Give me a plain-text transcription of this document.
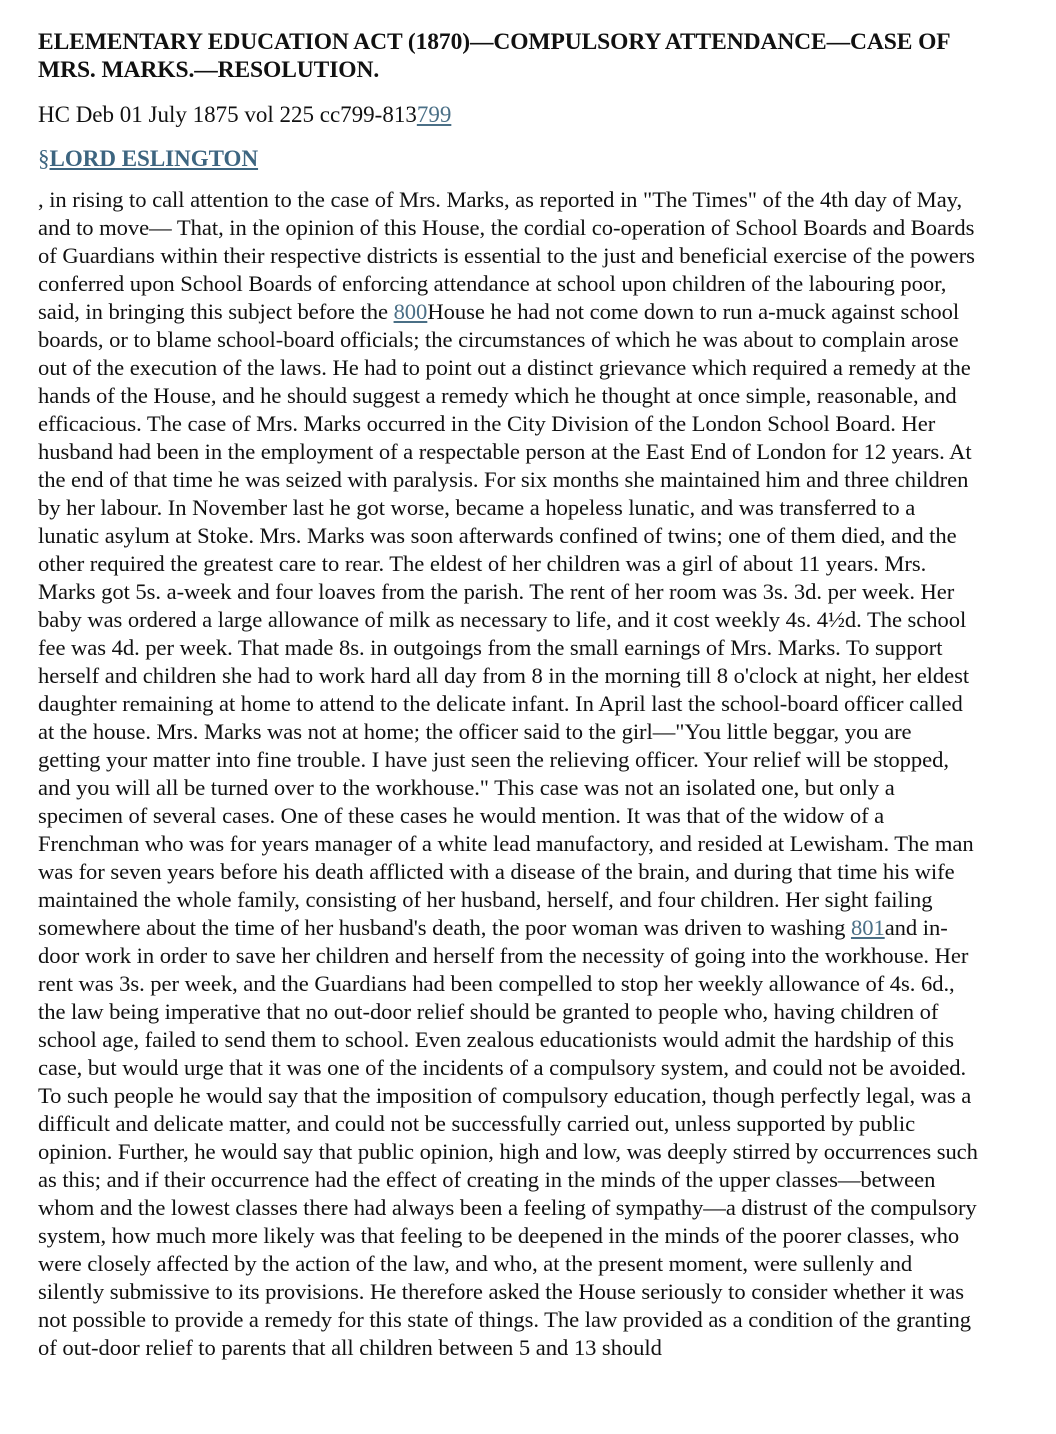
ELEMENTARY EDUCATION ACT (1870)—COMPULSORY ATTENDANCE—CASE OF MRS. MARKS.—RESOLUTION.

HC Deb 01 July 1875 vol 225 cc799-813799

§LORD ESLINGTON

, in rising to call attention to the case of Mrs. Marks, as reported in "The Times" of the 4th day of May, and to move— That, in the opinion of this House, the cordial co-operation of School Boards and Boards of Guardians within their respective districts is essential to the just and beneficial exercise of the powers conferred upon School Boards of enforcing attendance at school upon children of the labouring poor, said, in bringing this subject before the 800House he had not come down to run a-muck against school boards, or to blame school-board officials; the circumstances of which he was about to complain arose out of the execution of the laws. He had to point out a distinct grievance which required a remedy at the hands of the House, and he should suggest a remedy which he thought at once simple, reasonable, and efficacious. The case of Mrs. Marks occurred in the City Division of the London School Board. Her husband had been in the employment of a respectable person at the East End of London for 12 years. At the end of that time he was seized with paralysis. For six months she maintained him and three children by her labour. In November last he got worse, became a hopeless lunatic, and was transferred to a lunatic asylum at Stoke. Mrs. Marks was soon afterwards confined of twins; one of them died, and the other required the greatest care to rear. The eldest of her children was a girl of about 11 years. Mrs. Marks got 5s. a-week and four loaves from the parish. The rent of her room was 3s. 3d. per week. Her baby was ordered a large allowance of milk as necessary to life, and it cost weekly 4s. 4½d. The school fee was 4d. per week. That made 8s. in outgoings from the small earnings of Mrs. Marks. To support herself and children she had to work hard all day from 8 in the morning till 8 o'clock at night, her eldest daughter remaining at home to attend to the delicate infant. In April last the school-board officer called at the house. Mrs. Marks was not at home; the officer said to the girl—"You little beggar, you are getting your matter into fine trouble. I have just seen the relieving officer. Your relief will be stopped, and you will all be turned over to the workhouse." This case was not an isolated one, but only a specimen of several cases. One of these cases he would mention. It was that of the widow of a Frenchman who was for years manager of a white lead manufactory, and resided at Lewisham. The man was for seven years before his death afflicted with a disease of the brain, and during that time his wife maintained the whole family, consisting of her husband, herself, and four children. Her sight failing somewhere about the time of her husband's death, the poor woman was driven to washing 801and in-door work in order to save her children and herself from the necessity of going into the workhouse. Her rent was 3s. per week, and the Guardians had been compelled to stop her weekly allowance of 4s. 6d., the law being imperative that no out-door relief should be granted to people who, having children of school age, failed to send them to school. Even zealous educationists would admit the hardship of this case, but would urge that it was one of the incidents of a compulsory system, and could not be avoided. To such people he would say that the imposition of compulsory education, though perfectly legal, was a difficult and delicate matter, and could not be successfully carried out, unless supported by public opinion. Further, he would say that public opinion, high and low, was deeply stirred by occurrences such as this; and if their occurrence had the effect of creating in the minds of the upper classes—between whom and the lowest classes there had always been a feeling of sympathy—a distrust of the compulsory system, how much more likely was that feeling to be deepened in the minds of the poorer classes, who were closely affected by the action of the law, and who, at the present moment, were sullenly and silently submissive to its provisions. He therefore asked the House seriously to consider whether it was not possible to provide a remedy for this state of things. The law provided as a condition of the granting of out-door relief to parents that all children between 5 and 13 should
